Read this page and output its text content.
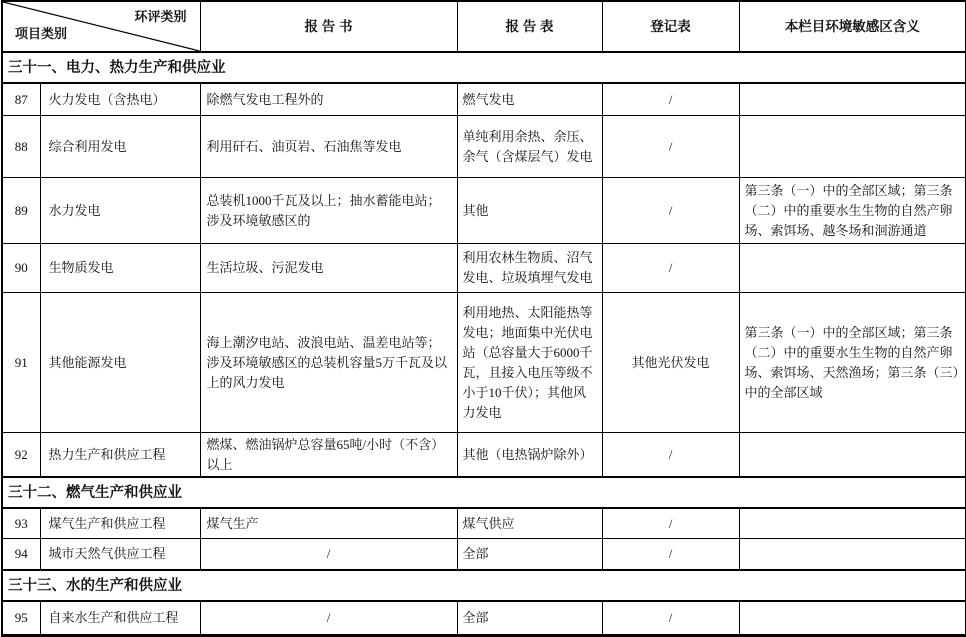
环评类别
项目类别		报 告 书	报 告 表	登记表	本栏目环境敏感区含义
三十一、电力、热力生产和供应业					
87	火力发电（含热电）	除燃气发电工程外的	燃气发电	/	
88	综合利用发电	利用矸石、油页岩、石油焦等发电	单纯利用余热、余压、余气（含煤层气）发电	/	
89	水力发电	总装机1000千瓦及以上；抽水蓄能电站；涉及环境敏感区的	其他	/	第三条（一）中的全部区域；第三条（二）中的重要水生生物的自然产卵场、索饵场、越冬场和洄游通道
90	生物质发电	生活垃圾、污泥发电	利用农林生物质、沼气发电、垃圾填埋气发电	/	
91	其他能源发电	海上潮汐电站、波浪电站、温差电站等；涉及环境敏感区的总装机容量5万千瓦及以上的风力发电	利用地热、太阳能热等发电；地面集中光伏电站（总容量大于6000千瓦，且接入电压等级不小于10千伏）；其他风力发电	其他光伏发电	第三条（一）中的全部区域；第三条（二）中的重要水生生物的自然产卵场、索饵场、天然渔场；第三条（三）中的全部区域
92	热力生产和供应工程	燃煤、燃油锅炉总容量65吨/小时（不含）以上	其他（电热锅炉除外）	/	
三十二、燃气生产和供应业					
93	煤气生产和供应工程	煤气生产	煤气供应	/	
94	城市天然气供应工程	/	全部	/	
三十三、水的生产和供应业					
95	自来水生产和供应工程	/	全部	/	
